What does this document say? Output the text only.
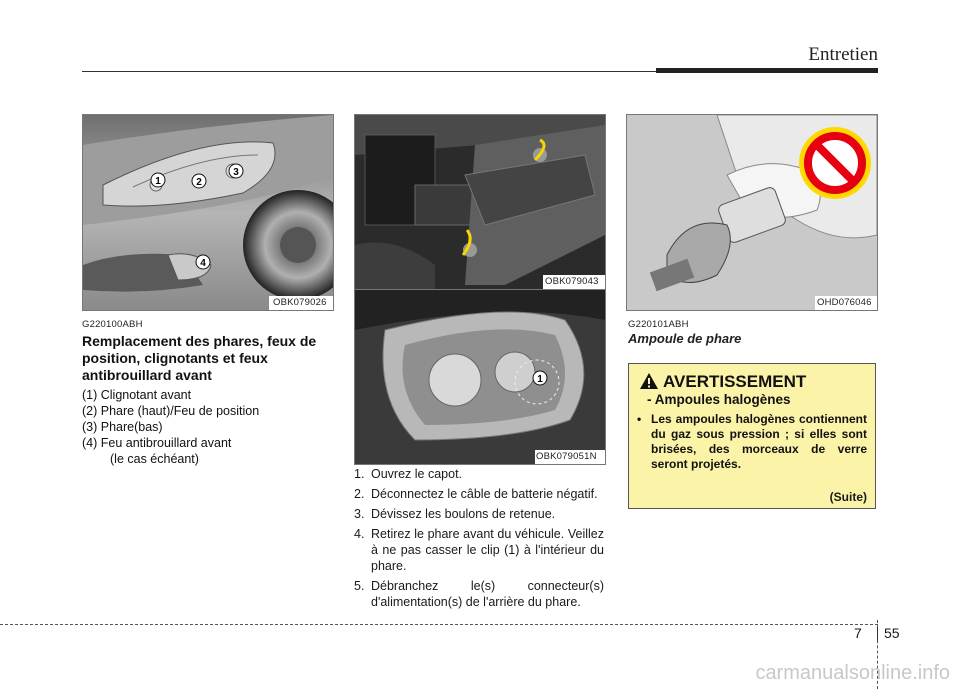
Entretien
1	2
3
4
OBK079026
G220100ABH
Remplacement des phares, feux de position, clignotants et feux antibrouillard avant
(1) Clignotant avant
(2) Phare (haut)/Feu de position
(3) Phare(bas)
(4) Feu antibrouillard avant
(le cas échéant)
OBK079043
1
OBK079051N
1. Ouvrez le capot.
2. Déconnectez le câble de batterie négatif.
3. Dévissez les boulons de retenue.
4. Retirez le phare avant du véhicule. Veillez à ne pas casser le clip (1) à l'intérieur du phare.
5. Débranchez le(s) connecteur(s) d'alimentation(s) de l'arrière du phare.
OHD076046
G220101ABH
Ampoule de phare
AVERTISSEMENT
- Ampoules halogènes
• Les ampoules halogènes contiennent du gaz sous pression ; si elles sont brisées, des morceaux de verre seront projetés.
(Suite)
7 55
carmanualsonline.info
